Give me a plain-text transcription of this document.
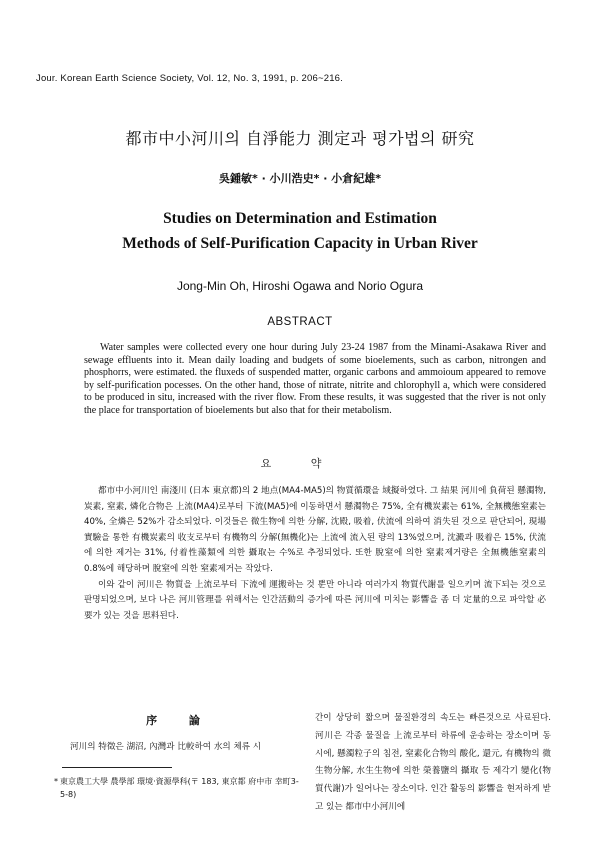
Jour. Korean Earth Science Society, Vol. 12, No. 3, 1991, p. 206~216.
都市中小河川의 自淨能力 測定과 평가법의 研究
吳鍾敏* · 小川浩史* · 小倉紀雄*
Studies on Determination and Estimation
Methods of Self-Purification Capacity in Urban River
Jong-Min Oh, Hiroshi Ogawa and Norio Ogura
ABSTRACT
Water samples were collected every one hour during July 23-24 1987 from the Minami-Asakawa River and sewage effluents into it. Mean daily loading and budgets of some bioelements, such as carbon, nitrongen and phosphorrs, were estimated. the fluxeds of suspended matter, organic carbons and ammoioum appeared to remove by self-purification pocesses. On the other hand, those of nitrate, nitrite and chlorophyll a, which were considered to be produced in situ, increased with the river flow. From these results, it was suggested that the river is not only the place for transportation of bioelements but also that for their metabolism.
요 약

都市中小河川인 南淺川 (日本 東京都)의 2 地点(MA4-MA5)의 物質循環을 域擬하였다. 그 結果 河川에 負荷된 懸濁物, 炭素, 窒素, 燐化合物은 上流(MA4)로부터 下流(MA5)에 이동하면서 懸濁物은 75%, 全有機炭素는 61%, 全無機態窒素는 40%, 全燐은 52%가 감소되었다. 이것들은 微生物에 의한 分解, 沈殿, 吸着, 伏流에 의하여 消失된 것으로 판단되어, 現場實驗을 통한 有機炭素의 收支로부터 有機物의 分解(無機化)는 上流에 流入된 량의 13%였으며, 沈澱과 吸着은 15%, 伏流에 의한 제거는 31%, 付着性藻類에 의한 攝取는 수%로 추정되었다. 또한 脫窒에 의한 窒素제거량은 全無機態窒素의 0.8%에 해당하며 脫窒에 의한 窒素제거는 작았다.

이와 같이 河川은 物質을 上流로부터 下流에 運搬하는 것 뿐만 아니라 여러가지 物質代謝를 일으키며 流下되는 것으로 판명되었으며, 보다 나은 河川管理를 위해서는 인간活動의 증가에 따른 河川에 미치는 影響을 좀 더 定量的으로 파악할 必要가 있는 것을 思料된다.

序 論
河川의 特徵은 湖沼, 內灣과 比較하여 水의 체류 시
* 東京農工大學 農學部 環境·資源學科(〒 183, 東京都 府中市 幸町3-5-8)
간이 상당히 짧으며 물질환경의 속도는 빠른것으로 사료된다. 河川은 각종 물질을 上流로부터 하류에 운송하는 장소이며 동시에, 懸濁粒子의 침전, 窒素化合物의 酸化, 還元, 有機物의 微生物分解, 水生生物에 의한 榮養鹽의 攝取 등 제각기 變化(物質代謝)가 일어나는 장소이다. 인간 활동의 影響을 현저하게 받고 있는 都市中小河川에
